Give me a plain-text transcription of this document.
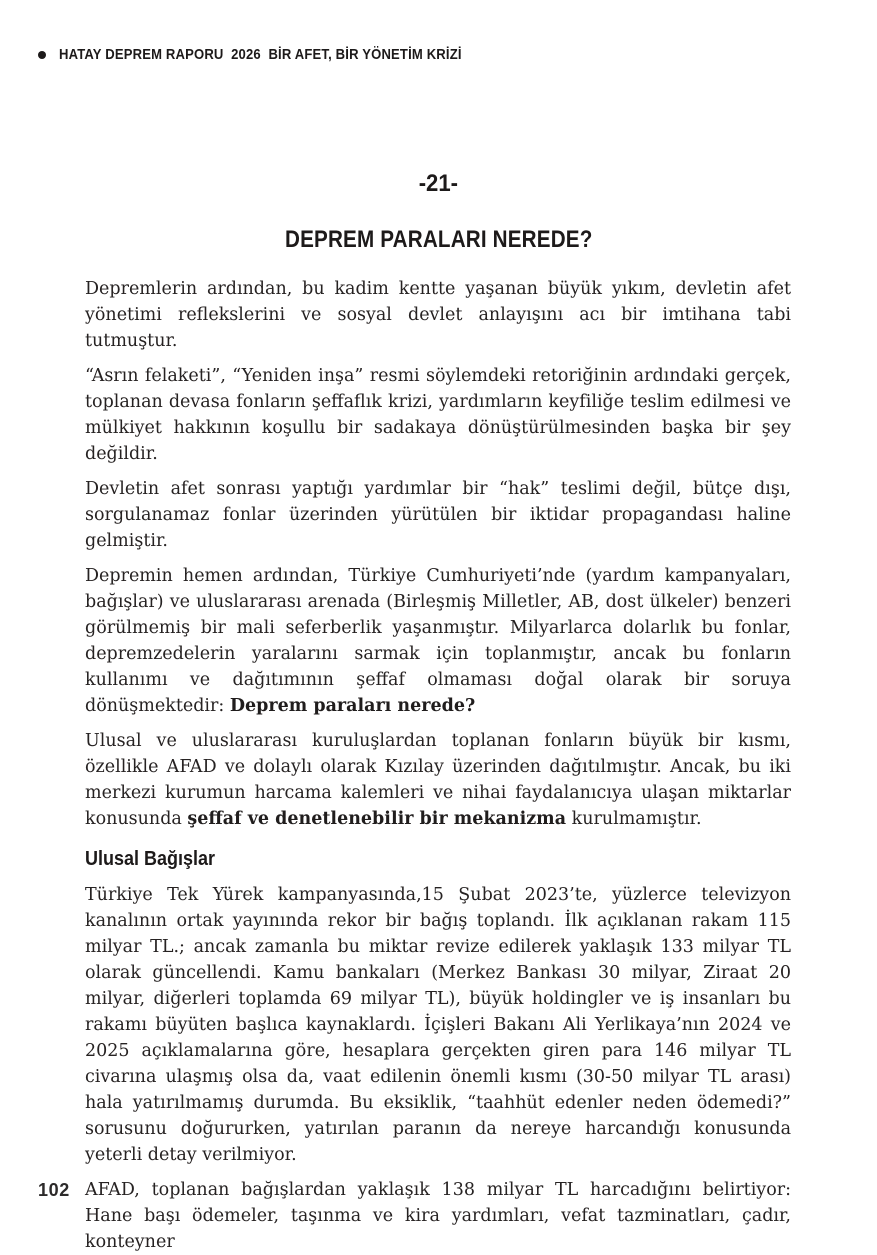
HATAY DEPREM RAPORU  2026  BİR AFET, BİR YÖNETİM KRİZİ
-21-
DEPREM PARALARI NEREDE?

Depremlerin ardından, bu kadim kentte yaşanan büyük yıkım, devletin afet yönetimi reflekslerini ve sosyal devlet anlayışını acı bir imtihana tabi tutmuştur.

“Asrın felaketi”, “Yeniden inşa” resmi söylemdeki retoriğinin ardındaki gerçek, toplanan devasa fonların şeffaflık krizi, yardımların keyfiliğe teslim edilmesi ve mülkiyet hakkının koşullu bir sadakaya dönüştürülmesinden başka bir şey değildir.

Devletin afet sonrası yaptığı yardımlar bir “hak” teslimi değil, bütçe dışı, sorgulanamaz fonlar üzerinden yürütülen bir iktidar propagandası haline gelmiştir.

Depremin hemen ardından, Türkiye Cumhuriyeti’nde (yardım kampanyaları, bağışlar) ve uluslararası arenada (Birleşmiş Milletler, AB, dost ülkeler) benzeri görülmemiş bir mali seferberlik yaşanmıştır. Milyarlarca dolarlık bu fonlar, depremzedelerin yaralarını sarmak için toplanmıştır, ancak bu fonların kullanımı ve dağıtımının şeffaf olmaması doğal olarak bir soruya dönüşmektedir: Deprem paraları nerede?

Ulusal ve uluslararası kuruluşlardan toplanan fonların büyük bir kısmı, özellikle AFAD ve dolaylı olarak Kızılay üzerinden dağıtılmıştır. Ancak, bu iki merkezi kurumun harcama kalemleri ve nihai faydalanıcıya ulaşan miktarlar konusunda şeffaf ve denetlenebilir bir mekanizma kurulmamıştır.

Ulusal Bağışlar

Türkiye Tek Yürek kampanyasında,15 Şubat 2023’te, yüzlerce televizyon kanalının ortak yayınında rekor bir bağış toplandı. İlk açıklanan rakam 115 milyar TL.; ancak zamanla bu miktar revize edilerek yaklaşık 133 milyar TL olarak güncellendi. Kamu bankaları (Merkez Bankası 30 milyar, Ziraat 20 milyar, diğerleri toplamda 69 milyar TL), büyük holdingler ve iş insanları bu rakamı büyüten başlıca kaynaklardı. İçişleri Bakanı Ali Yerlikaya’nın 2024 ve 2025 açıklamalarına göre, hesaplara gerçekten giren para 146 milyar TL civarına ulaşmış olsa da, vaat edilenin önemli kısmı (30-50 milyar TL arası) hala yatırılmamış durumda. Bu eksiklik, “taahhüt edenler neden ödemedi?” sorusunu doğururken, yatırılan paranın da nereye harcandığı konusunda yeterli detay verilmiyor.

AFAD, toplanan bağışlardan yaklaşık 138 milyar TL harcadığını belirtiyor: Hane başı ödemeler, taşınma ve kira yardımları, vefat tazminatları, çadır, konteyner

102
